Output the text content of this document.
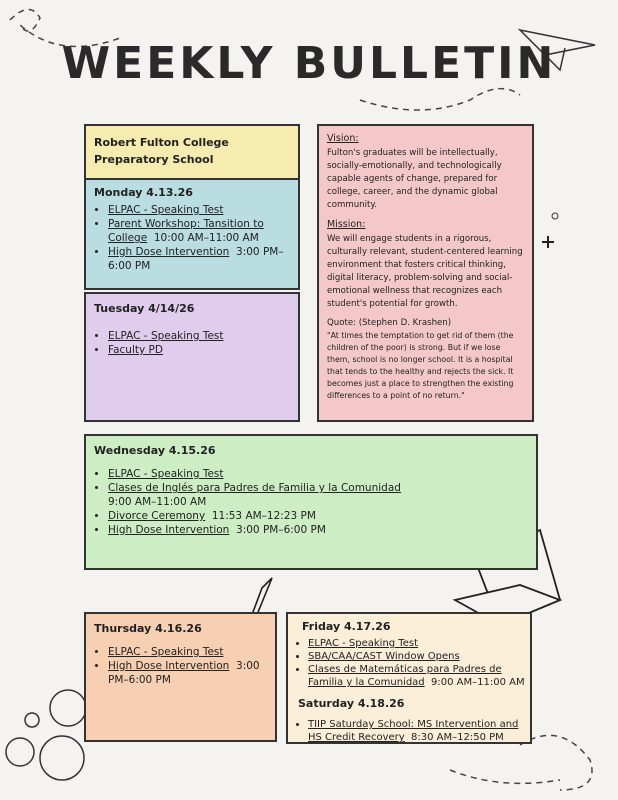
WEEKLY BULLETIN
Robert Fulton College Preparatory School
Monday 4.13.26
• ELPAC - Speaking Test
• Parent Workshop: Tansition to College 10:00 AM–11:00 AM
• High Dose Intervention 3:00 PM–6:00 PM
Tuesday 4/14/26
• ELPAC - Speaking Test
• Faculty PD
Vision:
Fulton's graduates will be intellectually, socially-emotionally, and technologically capable agents of change, prepared for college, career, and the dynamic global community.
Mission:
We will engage students in a rigorous, culturally relevant, student-centered learning environment that fosters critical thinking, digital literacy, problem-solving and social-emotional wellness that recognizes each student's potential for growth.
Quote: (Stephen D. Krashen)
"At times the temptation to get rid of them (the children of the poor) is strong. But if we lose them, school is no longer school. It is a hospital that tends to the healthy and rejects the sick. It becomes just a place to strengthen the existing differences to a point of no return."
Wednesday 4.15.26
• ELPAC - Speaking Test
• Clases de Inglés para Padres de Familia y la Comunidad
9:00 AM–11:00 AM
• Divorce Ceremony 11:53 AM–12:23 PM
• High Dose Intervention 3:00 PM–6:00 PM
Thursday 4.16.26
• ELPAC - Speaking Test
• High Dose Intervention 3:00 PM–6:00 PM
Friday 4.17.26
• ELPAC - Speaking Test
• SBA/CAA/CAST Window Opens
• Clases de Matemáticas para Padres de Familia y la Comunidad 9:00 AM–11:00 AM
Saturday 4.18.26
• TIIP Saturday School: MS Intervention and HS Credit Recovery 8:30 AM–12:50 PM
